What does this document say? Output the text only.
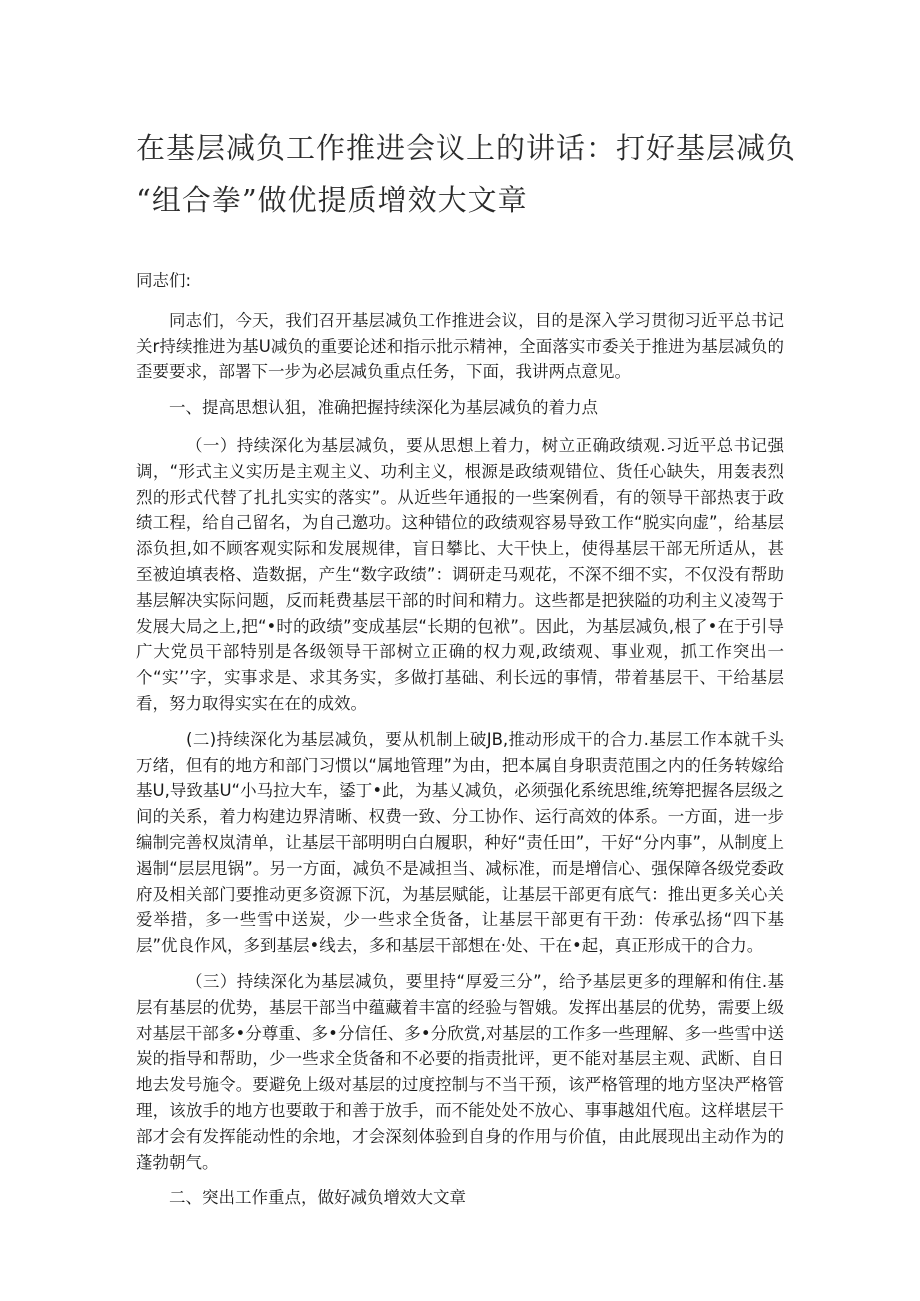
在基层减负工作推进会议上的讲话：打好基层减负
“组合拳”做优提质增效大文章

同志们:

同志们，今天，我们召开基层减负工作推进会议，目的是深入学习贯彻习近平总书记关r持续推进为基U减负的重要论述和指示批示精神，全面落实市委关于推进为基层减负的歪要要求，部署下一步为必层减负重点任务，下面，我讲两点意见。

一、提高思想认狙，准确把握持续深化为基层减负的着力点

（一）持续深化为基层减负，要从思想上着力，树立正确政绩观.习近平总书记强调，“形式主义实历是主观主义、功利主义，根源是政绩观错位、货任心缺失，用轰表烈烈的形式代替了扎扎实实的落实”。从近些年通报的一些案例看，有的领导干部热衷于政绩工程，给自己留名，为自己邀功。这种错位的政绩观容易导致工作“脱实向虚”，给基层添负担,如不顾客观实际和发展规律，盲日攀比、大干快上，使得基层干部无所适从，甚至被迫填表格、造数据，产生“数字政绩”：调研走马观花，不深不细不实，不仅没有帮助基层解决实际问题，反而耗费基层干部的时间和精力。这些都是把狭隘的功利主义凌驾于发展大局之上,把“•时的政绩”变成基层“长期的包袱”。因此，为基层减负,根了•在于引导广大党员干部特别是各级领导干部树立正确的权力观,政绩观、事业观，抓工作突出一个“实’’字，实事求是、求其务实，多做打基础、利长远的事情，带着基层干、干给基层看，努力取得实实在在的成效。

(二)持续深化为基层减负，要从机制上破JB,推动形成干的合力.基层工作本就千头万绪，但有的地方和部门习惯以“属地管理”为由，把本属自身职责范围之内的任务转嫁给基U,导致基U“小马拉大车，鋈丁•此，为基乂减负，必须强化系统思维,统筹把握各层级之间的关系，着力构建边界清晰、权费一致、分工协作、运行高效的体系。一方面，进一步编制完善权岚清单，让基层干部明明白白履职，种好“责任田”，干好“分内事”，从制度上遏制“层层甩锅”。另一方面，减负不是减担当、减标准，而是增信心、强保障各级党委政府及相关部门要推动更多资源下沉，为基层赋能，让基层干部更有底气：推出更多关心关爱举措，多一些雪中送炭，少一些求全货备，让基层干部更有干劲：传承弘扬“四下基层”优良作风，多到基层•线去，多和基层干部想在·处、干在•起，真正形成干的合力。

（三）持续深化为基层减负，要里持“厚爱三分”，给予基层更多的理解和侑住.基层有基层的优势，基层干部当中蕴藏着丰富的经验与智娥。发挥出基层的优势，需要上级对基层干部多•分尊重、多•分信任、多•分欣赏,对基层的工作多一些理解、多一些雪中送炭的指导和帮助，少一些求全货备和不必要的指责批评，更不能对基层主观、武断、自日地去发号施令。要避免上级对基层的过度控制与不当干预，该严格管理的地方坚决严格管理，该放手的地方也要敢于和善于放手，而不能处处不放心、事事越俎代庖。这样堪层干部才会有发挥能动性的余地，才会深刻体验到自身的作用与价值，由此展现出主动作为的蓬勃朝气。

二、突出工作重点，做好减负增效大文章
